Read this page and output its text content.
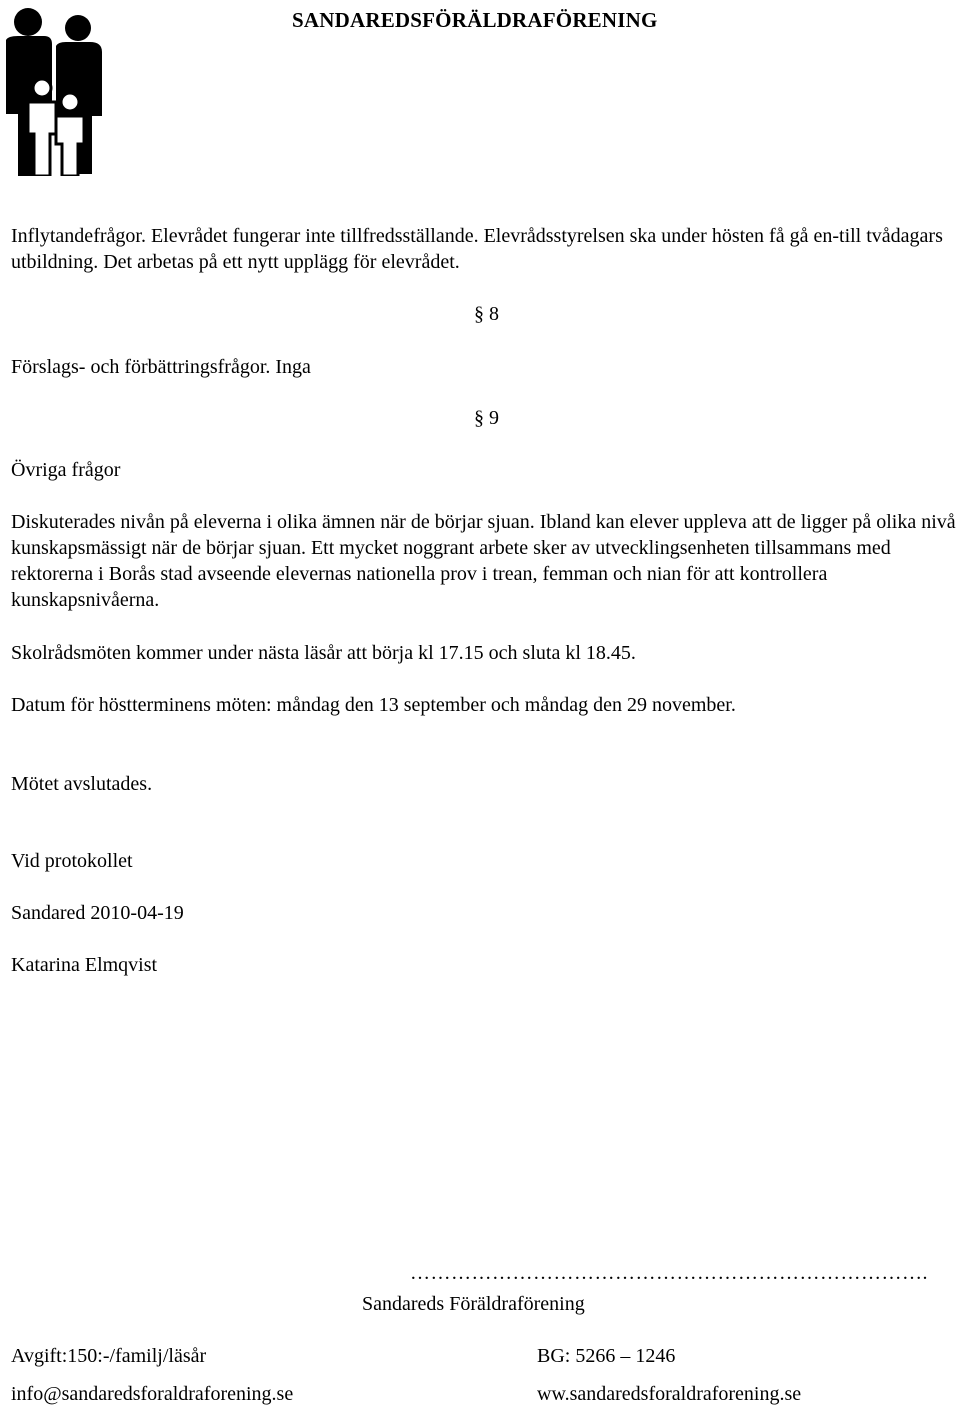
SANDAREDSFÖRÄLDRAFÖRENING
Inflytandefrågor. Elevrådet fungerar inte tillfredsställande. Elevrådsstyrelsen ska under hösten få gå en-till tvådagars utbildning. Det arbetas på ett nytt upplägg för elevrådet.
§ 8
Förslags- och förbättringsfrågor. Inga
§ 9
Övriga frågor
Diskuterades nivån på eleverna i olika ämnen när de börjar sjuan. Ibland kan elever uppleva att de ligger på olika nivå kunskapsmässigt när de börjar sjuan. Ett mycket noggrant arbete sker av utvecklingsenheten tillsammans med rektorerna i Borås stad avseende elevernas nationella prov i trean, femman och nian för att kontrollera kunskapsnivåerna.
Skolrådsmöten kommer under nästa läsår att börja kl 17.15 och sluta kl 18.45.
Datum för höstterminens möten: måndag den 13 september och måndag den 29 november.
Mötet avslutades.
Vid protokollet
Sandared 2010-04-19
Katarina Elmqvist
………………………………………………………………….
Sandareds Föräldraförening
Avgift:150:-/familj/läsår	BG: 5266 – 1246
info@sandaredsforaldraforening.se	ww.sandaredsforaldraforening.se
